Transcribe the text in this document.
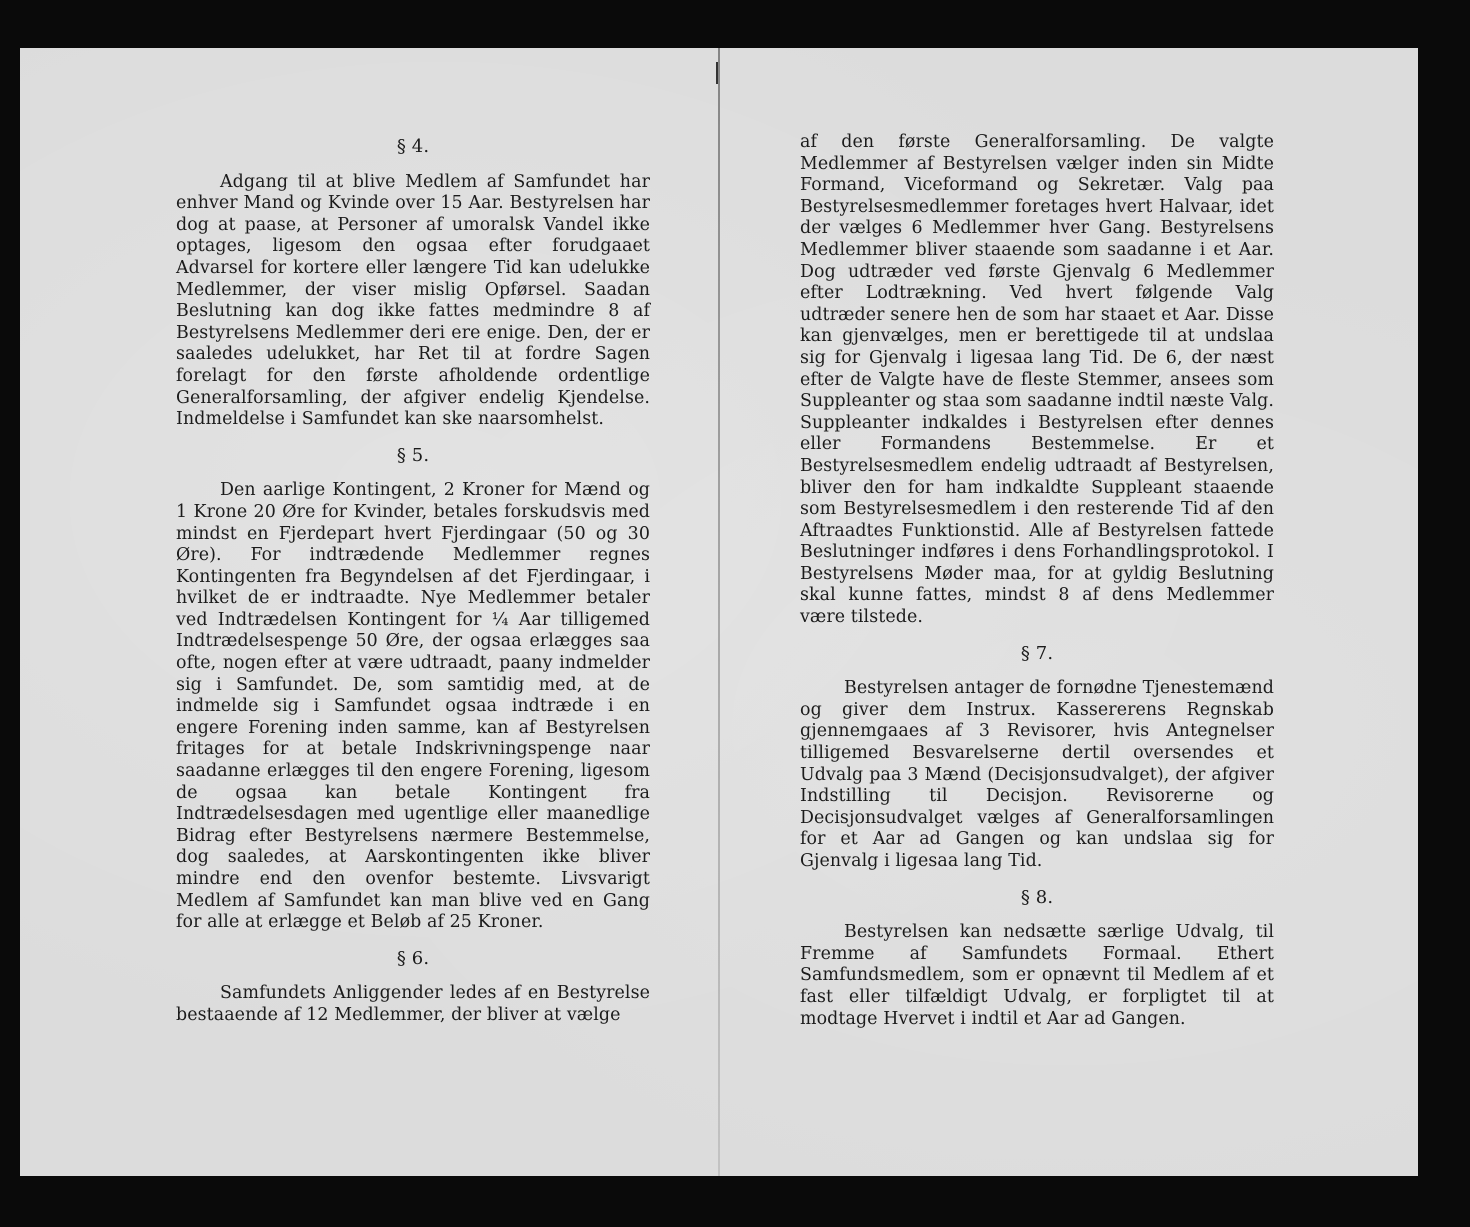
§ 4.

Adgang til at blive Medlem af Samfundet har enhver Mand og Kvinde over 15 Aar. Bestyrelsen har dog at paase, at Personer af umoralsk Vandel ikke optages, ligesom den ogsaa efter forudgaaet Advarsel for kortere eller længere Tid kan udelukke Medlemmer, der viser mislig Opførsel. Saadan Beslutning kan dog ikke fattes medmindre 8 af Bestyrelsens Medlemmer deri ere enige. Den, der er saaledes udelukket, har Ret til at fordre Sagen forelagt for den første afholdende ordentlige Generalforsamling, der afgiver endelig Kjendelse. Indmeldelse i Samfundet kan ske naarsomhelst.

§ 5.

Den aarlige Kontingent, 2 Kroner for Mænd og 1 Krone 20 Øre for Kvinder, betales forskudsvis med mindst en Fjerdepart hvert Fjerdingaar (50 og 30 Øre). For indtrædende Medlemmer regnes Kontingenten fra Begyndelsen af det Fjerdingaar, i hvilket de er indtraadte. Nye Medlemmer betaler ved Indtrædelsen Kontingent for ¼ Aar tilligemed Indtrædelsespenge 50 Øre, der ogsaa erlægges saa ofte, nogen efter at være udtraadt, paany indmelder sig i Samfundet. De, som samtidig med, at de indmelde sig i Samfundet ogsaa indtræde i en engere Forening inden samme, kan af Bestyrelsen fritages for at betale Indskrivningspenge naar saadanne erlægges til den engere Forening, ligesom de ogsaa kan betale Kontingent fra Indtrædelsesdagen med ugentlige eller maanedlige Bidrag efter Bestyrelsens nærmere Bestemmelse, dog saaledes, at Aarskontingenten ikke bliver mindre end den ovenfor bestemte. Livsvarigt Medlem af Samfundet kan man blive ved en Gang for alle at erlægge et Beløb af 25 Kroner.

§ 6.

Samfundets Anliggender ledes af en Bestyrelse bestaaende af 12 Medlemmer, der bliver at vælge

af den første Generalforsamling. De valgte Medlemmer af Bestyrelsen vælger inden sin Midte Formand, Viceformand og Sekretær. Valg paa Bestyrelsesmedlemmer foretages hvert Halvaar, idet der vælges 6 Medlemmer hver Gang. Bestyrelsens Medlemmer bliver staaende som saadanne i et Aar. Dog udtræder ved første Gjenvalg 6 Medlemmer efter Lodtrækning. Ved hvert følgende Valg udtræder senere hen de som har staaet et Aar. Disse kan gjenvælges, men er berettigede til at undslaa sig for Gjenvalg i ligesaa lang Tid. De 6, der næst efter de Valgte have de fleste Stemmer, ansees som Suppleanter og staa som saadanne indtil næste Valg. Suppleanter indkaldes i Bestyrelsen efter dennes eller Formandens Bestemmelse. Er et Bestyrelsesmedlem endelig udtraadt af Bestyrelsen, bliver den for ham indkaldte Suppleant staaende som Bestyrelsesmedlem i den resterende Tid af den Aftraadtes Funktionstid. Alle af Bestyrelsen fattede Beslutninger indføres i dens Forhandlingsprotokol. I Bestyrelsens Møder maa, for at gyldig Beslutning skal kunne fattes, mindst 8 af dens Medlemmer være tilstede.

§ 7.

Bestyrelsen antager de fornødne Tjenestemænd og giver dem Instrux. Kassererens Regnskab gjennemgaaes af 3 Revisorer, hvis Antegnelser tilligemed Besvarelserne dertil oversendes et Udvalg paa 3 Mænd (Decisjonsudvalget), der afgiver Indstilling til Decisjon. Revisorerne og Decisjonsudvalget vælges af Generalforsamlingen for et Aar ad Gangen og kan undslaa sig for Gjenvalg i ligesaa lang Tid.

§ 8.

Bestyrelsen kan nedsætte særlige Udvalg, til Fremme af Samfundets Formaal. Ethert Samfundsmedlem, som er opnævnt til Medlem af et fast eller tilfældigt Udvalg, er forpligtet til at modtage Hvervet i indtil et Aar ad Gangen.
